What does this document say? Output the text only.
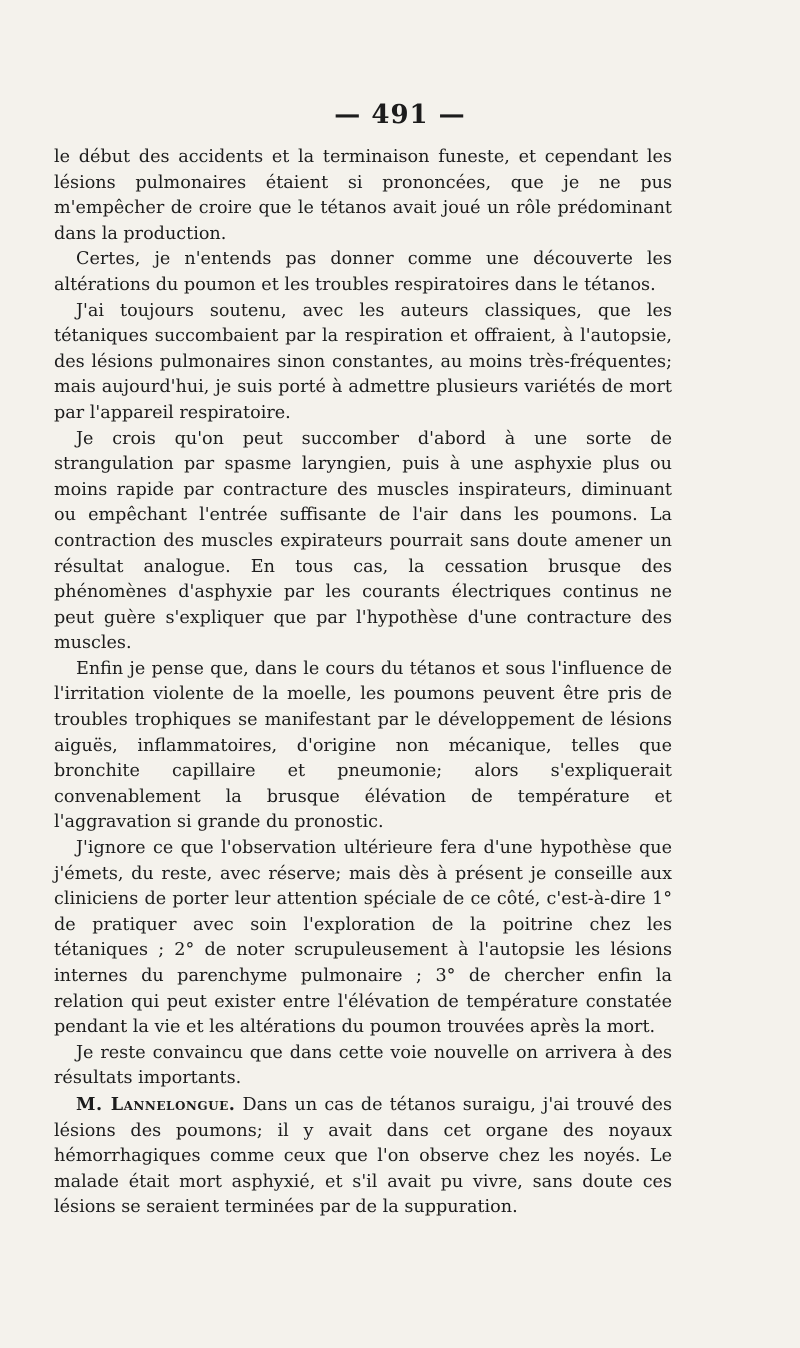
— 491 —

le début des accidents et la terminaison funeste, et cependant les lésions pulmonaires étaient si prononcées, que je ne pus m'empêcher de croire que le tétanos avait joué un rôle prédominant dans la production.

Certes, je n'entends pas donner comme une découverte les altérations du poumon et les troubles respiratoires dans le tétanos.

J'ai toujours soutenu, avec les auteurs classiques, que les tétaniques succombaient par la respiration et offraient, à l'autopsie, des lésions pulmonaires sinon constantes, au moins très-fréquentes; mais aujourd'hui, je suis porté à admettre plusieurs variétés de mort par l'appareil respiratoire.

Je crois qu'on peut succomber d'abord à une sorte de strangulation par spasme laryngien, puis à une asphyxie plus ou moins rapide par contracture des muscles inspirateurs, diminuant ou empêchant l'entrée suffisante de l'air dans les poumons. La contraction des muscles expirateurs pourrait sans doute amener un résultat analogue. En tous cas, la cessation brusque des phénomènes d'asphyxie par les courants électriques continus ne peut guère s'expliquer que par l'hypothèse d'une contracture des muscles.

Enfin je pense que, dans le cours du tétanos et sous l'influence de l'irritation violente de la moelle, les poumons peuvent être pris de troubles trophiques se manifestant par le développement de lésions aiguës, inflammatoires, d'origine non mécanique, telles que bronchite capillaire et pneumonie; alors s'expliquerait convenablement la brusque élévation de température et l'aggravation si grande du pronostic.

J'ignore ce que l'observation ultérieure fera d'une hypothèse que j'émets, du reste, avec réserve; mais dès à présent je conseille aux cliniciens de porter leur attention spéciale de ce côté, c'est-à-dire 1° de pratiquer avec soin l'exploration de la poitrine chez les tétaniques ; 2° de noter scrupuleusement à l'autopsie les lésions internes du parenchyme pulmonaire ; 3° de chercher enfin la relation qui peut exister entre l'élévation de température constatée pendant la vie et les altérations du poumon trouvées après la mort.

Je reste convaincu que dans cette voie nouvelle on arrivera à des résultats importants.

M. Lannelongue. Dans un cas de tétanos suraigu, j'ai trouvé des lésions des poumons; il y avait dans cet organe des noyaux hémorrhagiques comme ceux que l'on observe chez les noyés. Le malade était mort asphyxié, et s'il avait pu vivre, sans doute ces lésions se seraient terminées par de la suppuration.
